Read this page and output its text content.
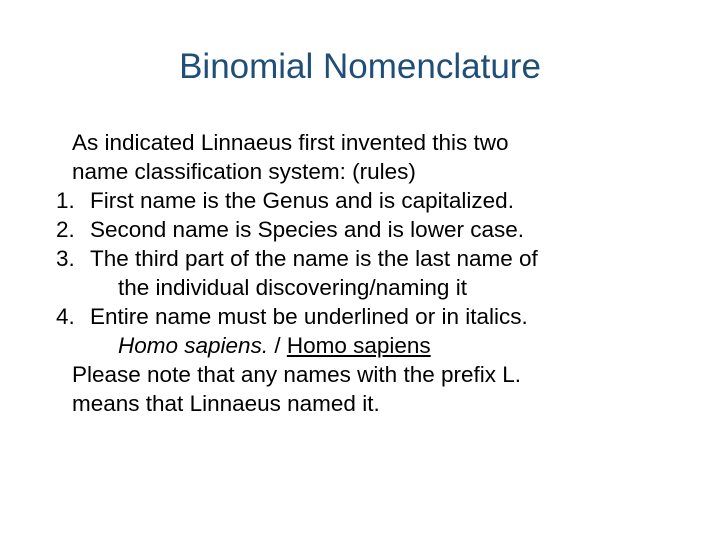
Binomial Nomenclature
As indicated Linnaeus first invented this two
name classification system: (rules)
1. First name is the Genus and is capitalized.
2. Second name is Species and is lower case.
3. The third part of the name is the last name of
the individual discovering/naming it
4. Entire name must be underlined or in italics.
Homo sapiens. / Homo sapiens
Please note that any names with the prefix L.
means that Linnaeus named it.
